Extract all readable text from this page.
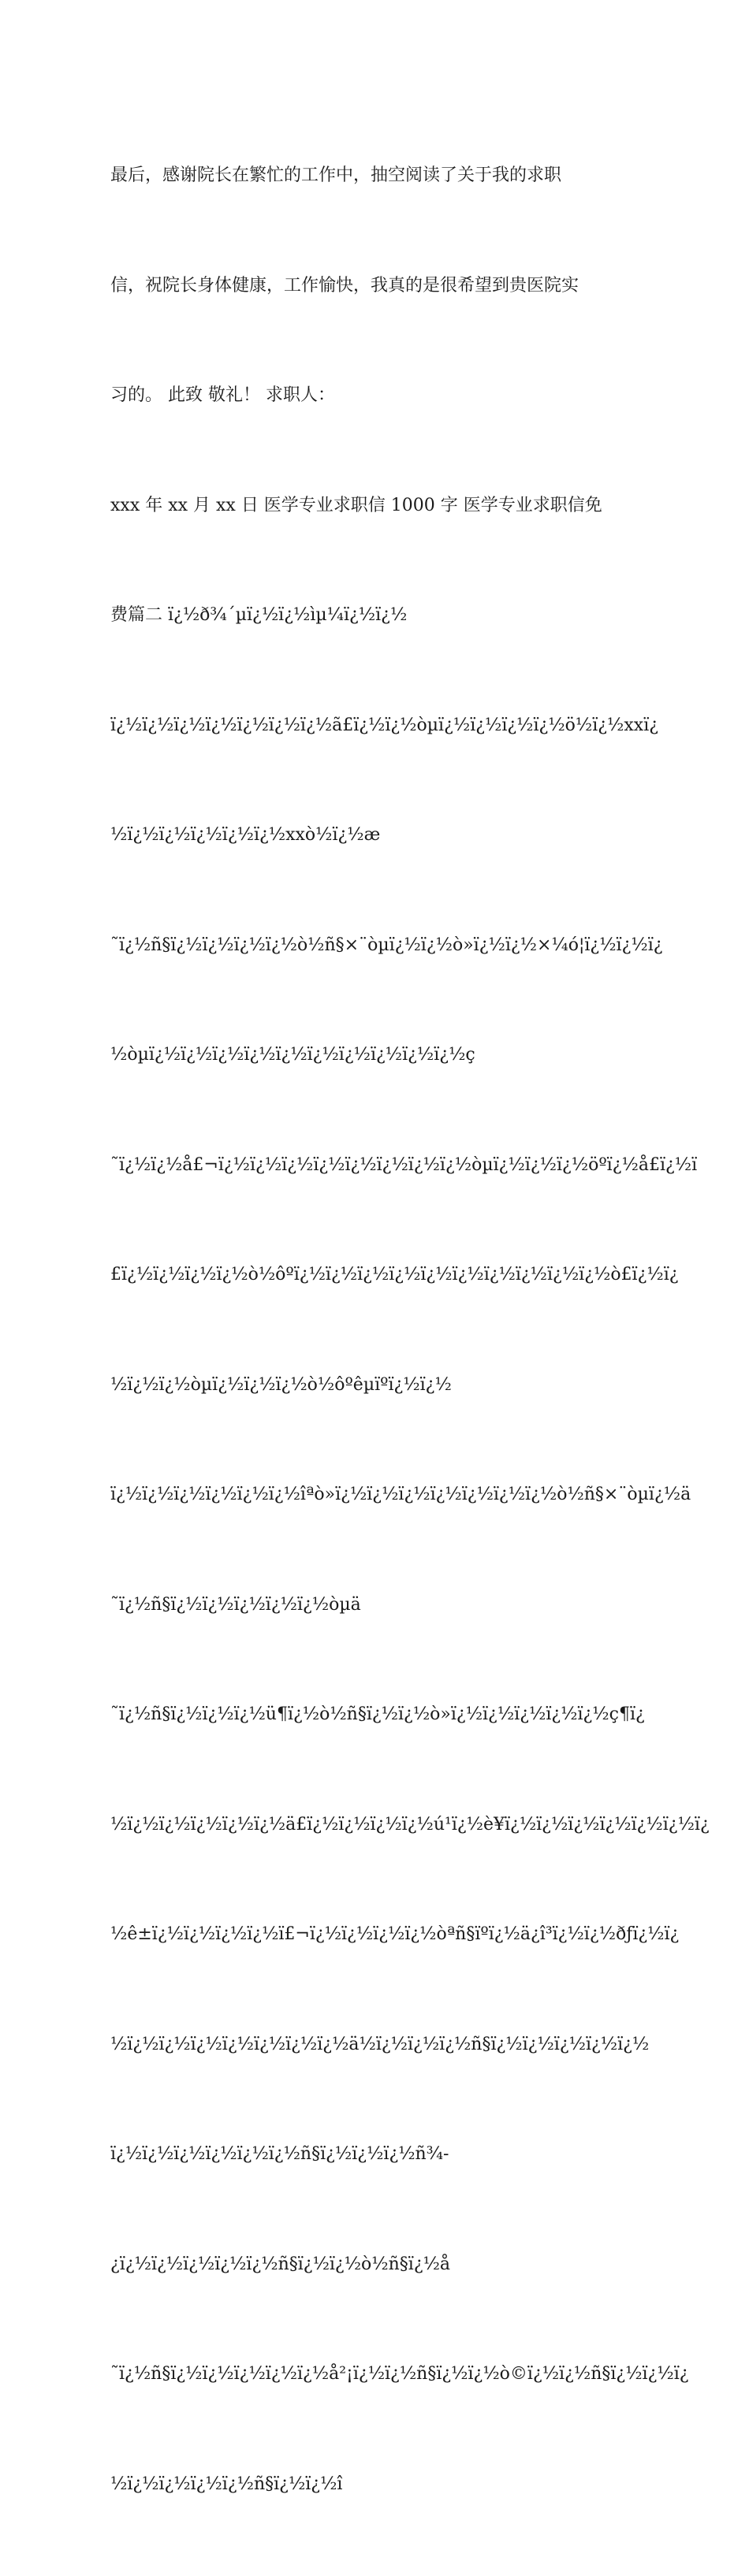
最后，感谢院长在繁忙的工作中，抽空阅读了关于我的求职

信，祝院长身体健康，工作愉快，我真的是很希望到贵医院实

习的。 此致 敬礼！ 求职人：

xxx 年 xx 月 xx 日 医学专业求职信 1000 字 医学专业求职信免

费篇二 ï¿½ð¾´µï¿½ï¿½ìµ¼ï¿½ï¿½

ï¿½ï¿½ï¿½ï¿½ï¿½ï¿½ï¿½ã£ï¿½ï¿½òµï¿½ï¿½ï¿½ï¿½ö½ï¿½xxï¿

½ï¿½ï¿½ï¿½ï¿½ï¿½xxò½ï¿½æ

˜ï¿½ñ§ï¿½ï¿½ï¿½ï¿½ò½ñ§×¨òµï¿½ï¿½ò»ï¿½ï¿½×¼ó¦ï¿½ï¿½ï¿

½òµï¿½ï¿½ï¿½ï¿½ï¿½ï¿½ï¿½ï¿½ï¿½ï¿½ç

˜ï¿½ï¿½å£¬ï¿½ï¿½ï¿½ï¿½ï¿½ï¿½ï¿½ï¿½òµï¿½ï¿½ï¿½öºï¿½å£ï¿½ï

£ï¿½ï¿½ï¿½ï¿½ò½ôºï¿½ï¿½ï¿½ï¿½ï¿½ï¿½ï¿½ï¿½ï¿½ï¿½ò£ï¿½ï¿

½ï¿½ï¿½òµï¿½ï¿½ï¿½ò½ôºêµïºï¿½ï¿½

ï¿½ï¿½ï¿½ï¿½ï¿½ï¿½îªò»ï¿½ï¿½ï¿½ï¿½ï¿½ï¿½ï¿½ò½ñ§×¨òµï¿½ä

˜ï¿½ñ§ï¿½ï¿½ï¿½ï¿½ï¿½òµä

˜ï¿½ñ§ï¿½ï¿½ï¿½ü¶ï¿½ò½ñ§ï¿½ï¿½ò»ï¿½ï¿½ï¿½ï¿½ï¿½ç¶ï¿

½ï¿½ï¿½ï¿½ï¿½ï¿½ä£ï¿½ï¿½ï¿½ï¿½ú¹ï¿½è¥ï¿½ï¿½ï¿½ï¿½ï¿½ï¿½ï¿

½ê±ï¿½ï¿½ï¿½ï¿½ï£¬ï¿½ï¿½ï¿½ï¿½òªñ§ïºï¿½ä¿î³ï¿½ï¿½ðƒï¿½ï¿

½ï¿½ï¿½ï¿½ï¿½ï¿½ï¿½ï¿½ä½ï¿½ï¿½ï¿½ñ§ï¿½ï¿½ï¿½ï¿½ï¿½

ï¿½ï¿½ï¿½ï¿½ï¿½ï¿½ñ§ï¿½ï¿½ï¿½ñ¾-

¿ï¿½ï¿½ï¿½ï¿½ï¿½ñ§ï¿½ï¿½ò½ñ§ï¿½å

˜ï¿½ñ§ï¿½ï¿½ï¿½ï¿½ï¿½å²¡ï¿½ï¿½ñ§ï¿½ï¿½ò©ï¿½ï¿½ñ§ï¿½ï¿½ï¿

½ï¿½ï¿½ï¿½ï¿½ñ§ï¿½ï¿½î
